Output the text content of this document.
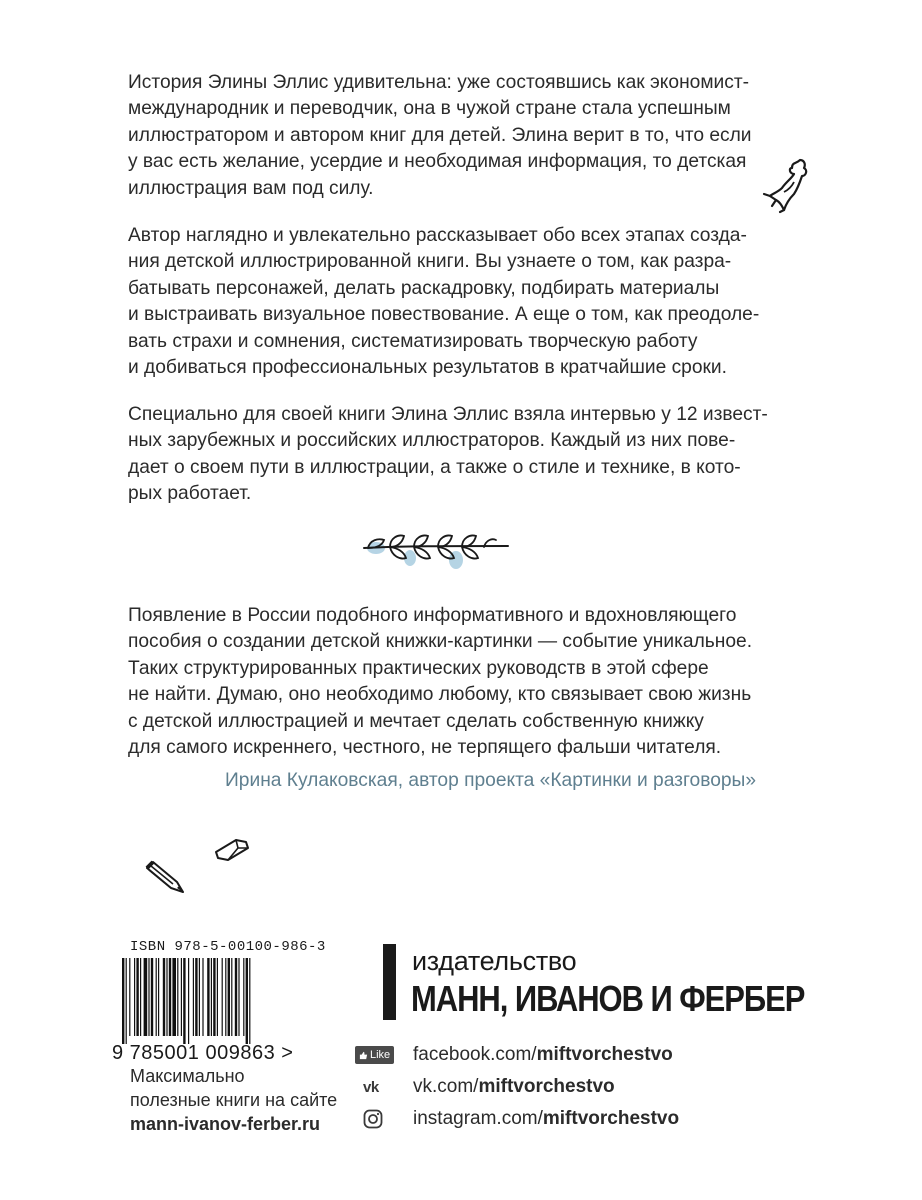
История Элины Эллис удивительна: уже состоявшись как экономист-
международник и переводчик, она в чужой стране стала успешным
иллюстратором и автором книг для детей. Элина верит в то, что если
у вас есть желание, усердие и необходимая информация, то детская
иллюстрация вам под силу.
Автор наглядно и увлекательно рассказывает обо всех этапах созда-
ния детской иллюстрированной книги. Вы узнаете о том, как разра-
батывать персонажей, делать раскадровку, подбирать материалы
и выстраивать визуальное повествование. А еще о том, как преодоле-
вать страхи и сомнения, систематизировать творческую работу
и добиваться профессиональных результатов в кратчайшие сроки.
Специально для своей книги Элина Эллис взяла интервью у 12 извест-
ных зарубежных и российских иллюстраторов. Каждый из них пове-
дает о своем пути в иллюстрации, а также о стиле и технике, в кото-
рых работает.
Появление в России подобного информативного и вдохновляющего
пособия о создании детской книжки-картинки — событие уникальное.
Таких структурированных практических руководств в этой сфере
не найти. Думаю, оно необходимо любому, кто связывает свою жизнь
с детской иллюстрацией и мечтает сделать собственную книжку
для самого искреннего, честного, не терпящего фальши читателя.
Ирина Кулаковская, автор проекта «Картинки и разговоры»
ISBN 978-5-00100-986-3
9 785001 009863 >
Максимально
полезные книги на сайте
mann-ivanov-ferber.ru
издательство
МАНН, ИВАНОВ И ФЕРБЕР
Like facebook.com/miftvorchestvo
vk vk.com/miftvorchestvo
instagram.com/miftvorchestvo
